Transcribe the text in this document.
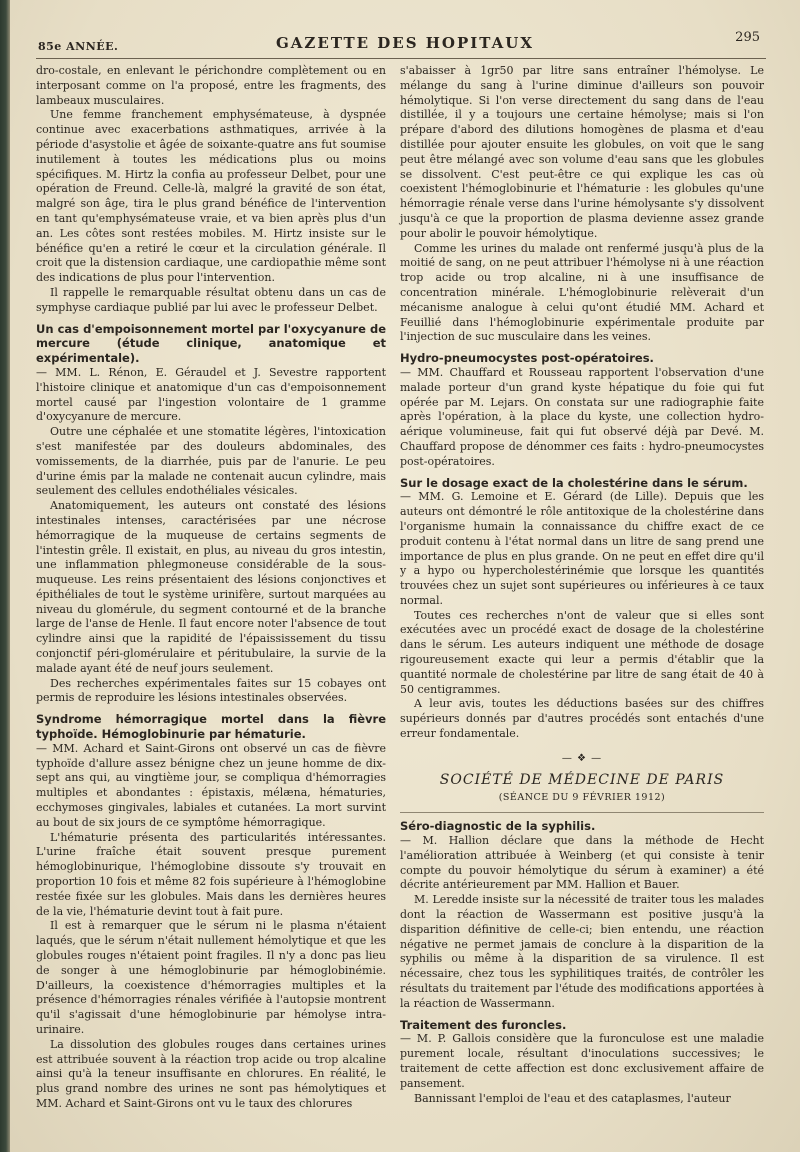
85e ANNÉE.	GAZETTE DES HOPITAUX	295

dro-costale, en enlevant le périchondre complètement ou en interposant comme on l'a proposé, entre les fragments, des lambeaux musculaires.

Une femme franchement emphysémateuse, à dyspnée continue avec exacerbations asthmatiques, arrivée à la période d'asystolie et âgée de soixante-quatre ans fut soumise inutilement à toutes les médications plus ou moins spécifiques. M. Hirtz la confia au professeur Delbet, pour une opération de Freund. Celle-là, malgré la gravité de son état, malgré son âge, tira le plus grand bénéfice de l'intervention en tant qu'emphysémateuse vraie, et va bien après plus d'un an. Les côtes sont restées mobiles. M. Hirtz insiste sur le bénéfice qu'en a retiré le cœur et la circulation générale. Il croit que la distension cardiaque, une cardiopathie même sont des indications de plus pour l'intervention.

Il rappelle le remarquable résultat obtenu dans un cas de symphyse cardiaque publié par lui avec le professeur Delbet.

Un cas d'empoisonnement mortel par l'oxycyanure de mercure (étude clinique, anatomique et expérimentale).

— MM. L. Rénon, E. Géraudel et J. Sevestre rapportent l'histoire clinique et anatomique d'un cas d'empoisonnement mortel causé par l'ingestion volontaire de 1 gramme d'oxycyanure de mercure.

Outre une céphalée et une stomatite légères, l'intoxication s'est manifestée par des douleurs abdominales, des vomissements, de la diarrhée, puis par de l'anurie. Le peu d'urine émis par la malade ne contenait aucun cylindre, mais seulement des cellules endothéliales vésicales.

Anatomiquement, les auteurs ont constaté des lésions intestinales intenses, caractérisées par une nécrose hémorragique de la muqueuse de certains segments de l'intestin grêle. Il existait, en plus, au niveau du gros intestin, une inflammation phlegmoneuse considérable de la sous-muqueuse. Les reins présentaient des lésions conjonctives et épithéliales de tout le système urinifère, surtout marquées au niveau du glomérule, du segment contourné et de la branche large de l'anse de Henle. Il faut encore noter l'absence de tout cylindre ainsi que la rapidité de l'épaississement du tissu conjonctif péri-glomérulaire et péritubulaire, la survie de la malade ayant été de neuf jours seulement.

Des recherches expérimentales faites sur 15 cobayes ont permis de reproduire les lésions intestinales observées.

Syndrome hémorragique mortel dans la fièvre typhoïde. Hémoglobinurie par hématurie.

— MM. Achard et Saint-Girons ont observé un cas de fièvre typhoïde d'allure assez bénigne chez un jeune homme de dix-sept ans qui, au vingtième jour, se compliqua d'hémorragies multiples et abondantes : épistaxis, mélæna, hématuries, ecchymoses gingivales, labiales et cutanées. La mort survint au bout de six jours de ce symptôme hémorragique.

L'hématurie présenta des particularités intéressantes. L'urine fraîche était souvent presque purement hémoglobinurique, l'hémoglobine dissoute s'y trouvait en proportion 10 fois et même 82 fois supérieure à l'hémoglobine restée fixée sur les globules. Mais dans les dernières heures de la vie, l'hématurie devint tout à fait pure.

Il est à remarquer que le sérum ni le plasma n'étaient laqués, que le sérum n'était nullement hémolytique et que les globules rouges n'étaient point fragiles. Il n'y a donc pas lieu de songer à une hémoglobinurie par hémoglobinémie. D'ailleurs, la coexistence d'hémorragies multiples et la présence d'hémorragies rénales vérifiée à l'autopsie montrent qu'il s'agissait d'une hémoglobinurie par hémolyse intra-urinaire.

La dissolution des globules rouges dans certaines urines est attribuée souvent à la réaction trop acide ou trop alcaline ainsi qu'à la teneur insuffisante en chlorures. En réalité, le plus grand nombre des urines ne sont pas hémolytiques et MM. Achard et Saint-Girons ont vu le taux des chlorures

s'abaisser à 1gr50 par litre sans entraîner l'hémolyse. Le mélange du sang à l'urine diminue d'ailleurs son pouvoir hémolytique. Si l'on verse directement du sang dans de l'eau distillée, il y a toujours une certaine hémolyse; mais si l'on prépare d'abord des dilutions homogènes de plasma et d'eau distillée pour ajouter ensuite les globules, on voit que le sang peut être mélangé avec son volume d'eau sans que les globules se dissolvent. C'est peut-être ce qui explique les cas où coexistent l'hémoglobinurie et l'hématurie : les globules qu'une hémorragie rénale verse dans l'urine hémolysante s'y dissolvent jusqu'à ce que la proportion de plasma devienne assez grande pour abolir le pouvoir hémolytique.

Comme les urines du malade ont renfermé jusqu'à plus de la moitié de sang, on ne peut attribuer l'hémolyse ni à une réaction trop acide ou trop alcaline, ni à une insuffisance de concentration minérale. L'hémoglobinurie relèverait d'un mécanisme analogue à celui qu'ont étudié MM. Achard et Feuillié dans l'hémoglobinurie expérimentale produite par l'injection de suc musculaire dans les veines.

Hydro-pneumocystes post-opératoires.

— MM. Chauffard et Rousseau rapportent l'observation d'une malade porteur d'un grand kyste hépatique du foie qui fut opérée par M. Lejars. On constata sur une radiographie faite après l'opération, à la place du kyste, une collection hydro-aérique volumineuse, fait qui fut observé déjà par Devé. M. Chauffard propose de dénommer ces faits : hydro-pneumocystes post-opératoires.

Sur le dosage exact de la cholestérine dans le sérum.

— MM. G. Lemoine et E. Gérard (de Lille). Depuis que les auteurs ont démontré le rôle antitoxique de la cholestérine dans l'organisme humain la connaissance du chiffre exact de ce produit contenu à l'état normal dans un litre de sang prend une importance de plus en plus grande. On ne peut en effet dire qu'il y a hypo ou hypercholestérinémie que lorsque les quantités trouvées chez un sujet sont supérieures ou inférieures à ce taux normal.

Toutes ces recherches n'ont de valeur que si elles sont exécutées avec un procédé exact de dosage de la cholestérine dans le sérum. Les auteurs indiquent une méthode de dosage rigoureusement exacte qui leur a permis d'établir que la quantité normale de cholestérine par litre de sang était de 40 à 50 centigrammes.

A leur avis, toutes les déductions basées sur des chiffres supérieurs donnés par d'autres procédés sont entachés d'une erreur fondamentale.

— ❖ —
SOCIÉTÉ DE MÉDECINE DE PARIS
(SÉANCE DU 9 FÉVRIER 1912)

Séro-diagnostic de la syphilis.

— M. Hallion déclare que dans la méthode de Hecht l'amélioration attribuée à Weinberg (et qui consiste à tenir compte du pouvoir hémolytique du sérum à examiner) a été décrite antérieurement par MM. Hallion et Bauer.

M. Leredde insiste sur la nécessité de traiter tous les malades dont la réaction de Wassermann est positive jusqu'à la disparition définitive de celle-ci; bien entendu, une réaction négative ne permet jamais de conclure à la disparition de la syphilis ou même à la disparition de sa virulence. Il est nécessaire, chez tous les syphilitiques traités, de contrôler les résultats du traitement par l'étude des modifications apportées à la réaction de Wassermann.

Traitement des furoncles.

— M. P. Gallois considère que la furonculose est une maladie purement locale, résultant d'inoculations successives; le traitement de cette affection est donc exclusivement affaire de pansement.

Bannissant l'emploi de l'eau et des cataplasmes, l'auteur
